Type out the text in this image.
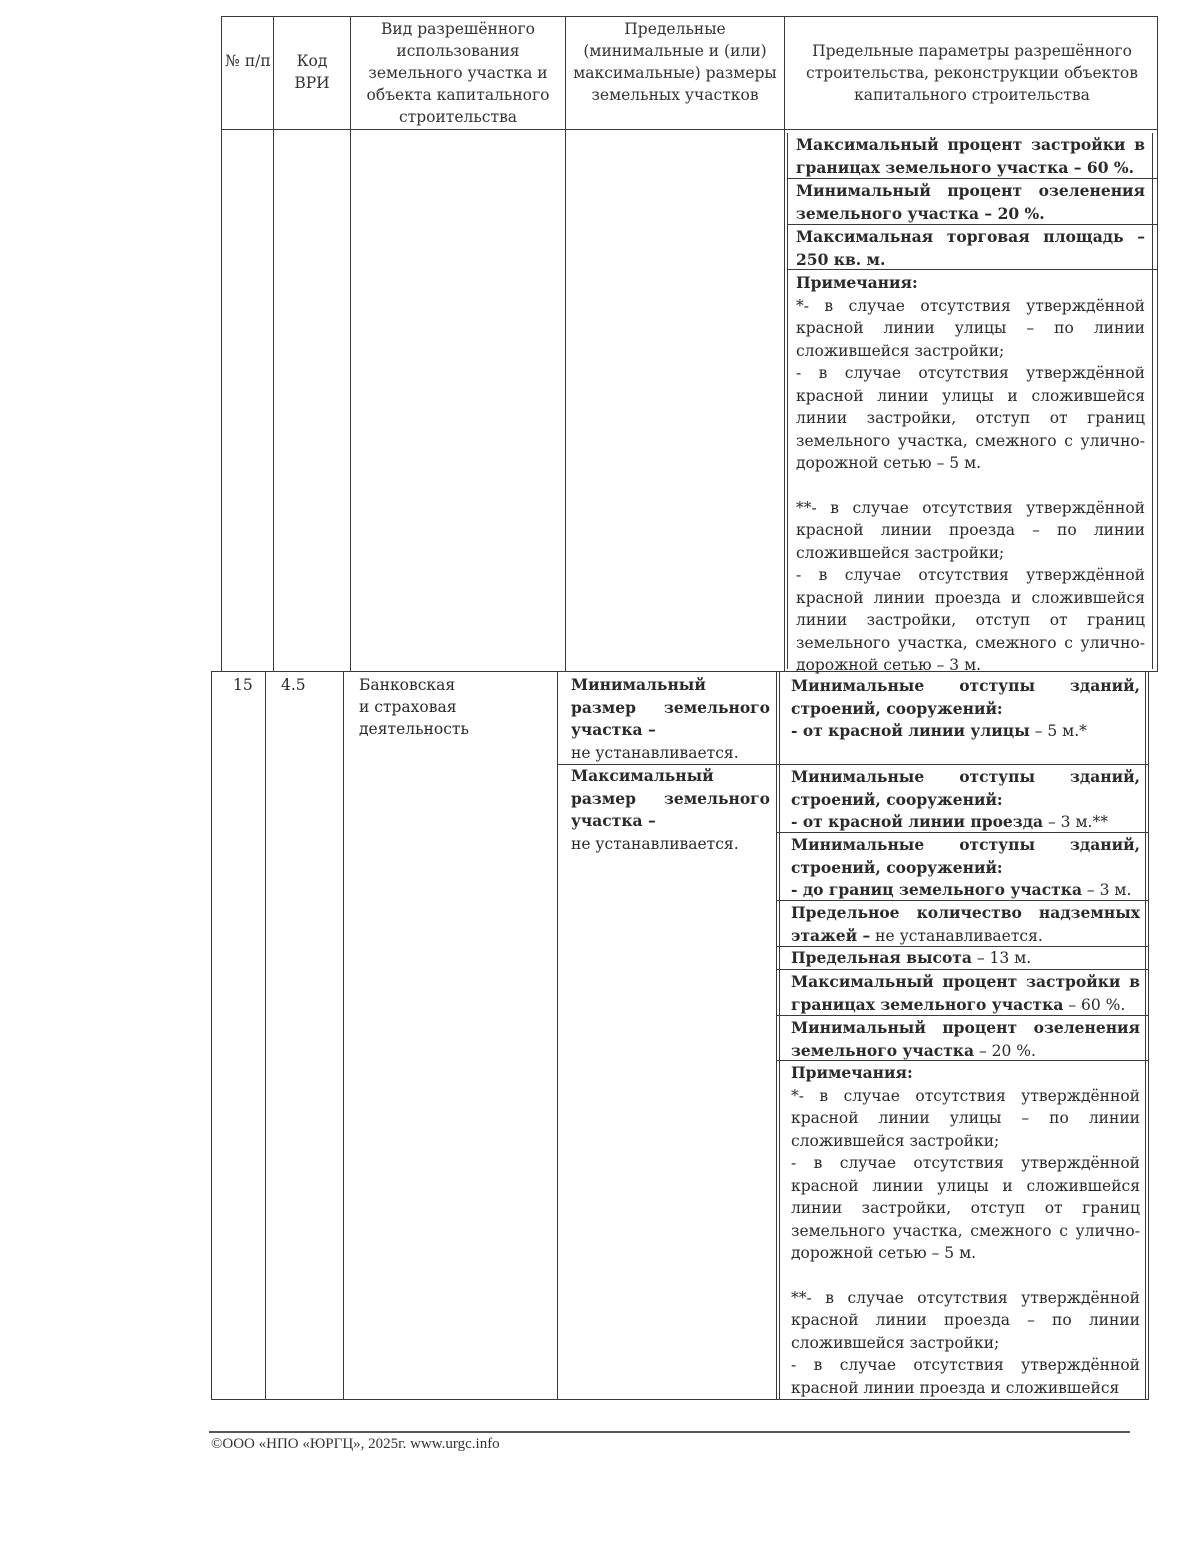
№ п/п	Код ВРИ
Вид разрешённого использования земельного участка и объекта капитального строительства
Предельные (минимальные и (или) максимальные) размеры земельных участков
Предельные параметры разрешённого строительства, реконструкции объектов капитального строительства
Максимальный процент застройки в границах земельного участка – 60 %.
Минимальный процент озеленения земельного участка – 20 %.
Максимальная торговая площадь – 250 кв. м.
Примечания:
*- в случае отсутствия утверждённой красной линии улицы – по линии сложившейся застройки;
- в случае отсутствия утверждённой красной линии улицы и сложившейся линии застройки, отступ от границ земельного участка, смежного с улично-дорожной сетью – 5 м.
**- в случае отсутствия утверждённой красной линии проезда – по линии сложившейся застройки;
- в случае отсутствия утверждённой красной линии проезда и сложившейся линии застройки, отступ от границ земельного участка, смежного с улично-дорожной сетью – 3 м.
15 4.5	Банковская
и страховая
деятельность
Минимальный размер земельного участка –
не устанавливается.
Максимальный размер земельного участка –
не устанавливается.
Минимальные отступы зданий, строений, сооружений:
- от красной линии улицы – 5 м.*
Минимальные отступы зданий, строений, сооружений:
- от красной линии проезда – 3 м.**
Минимальные отступы зданий, строений, сооружений:
- до границ земельного участка – 3 м.
Предельное количество надземных этажей – не устанавливается.
Предельная высота – 13 м.
Максимальный процент застройки в границах земельного участка – 60 %.
Минимальный процент озеленения земельного участка – 20 %.
Примечания:
*- в случае отсутствия утверждённой красной линии улицы – по линии сложившейся застройки;
- в случае отсутствия утверждённой красной линии улицы и сложившейся линии застройки, отступ от границ земельного участка, смежного с улично-дорожной сетью – 5 м.
**- в случае отсутствия утверждённой красной линии проезда – по линии сложившейся застройки;
- в случае отсутствия утверждённой красной линии проезда и сложившейся
©ООО «НПО «ЮРГЦ», 2025г. www.urgc.info
